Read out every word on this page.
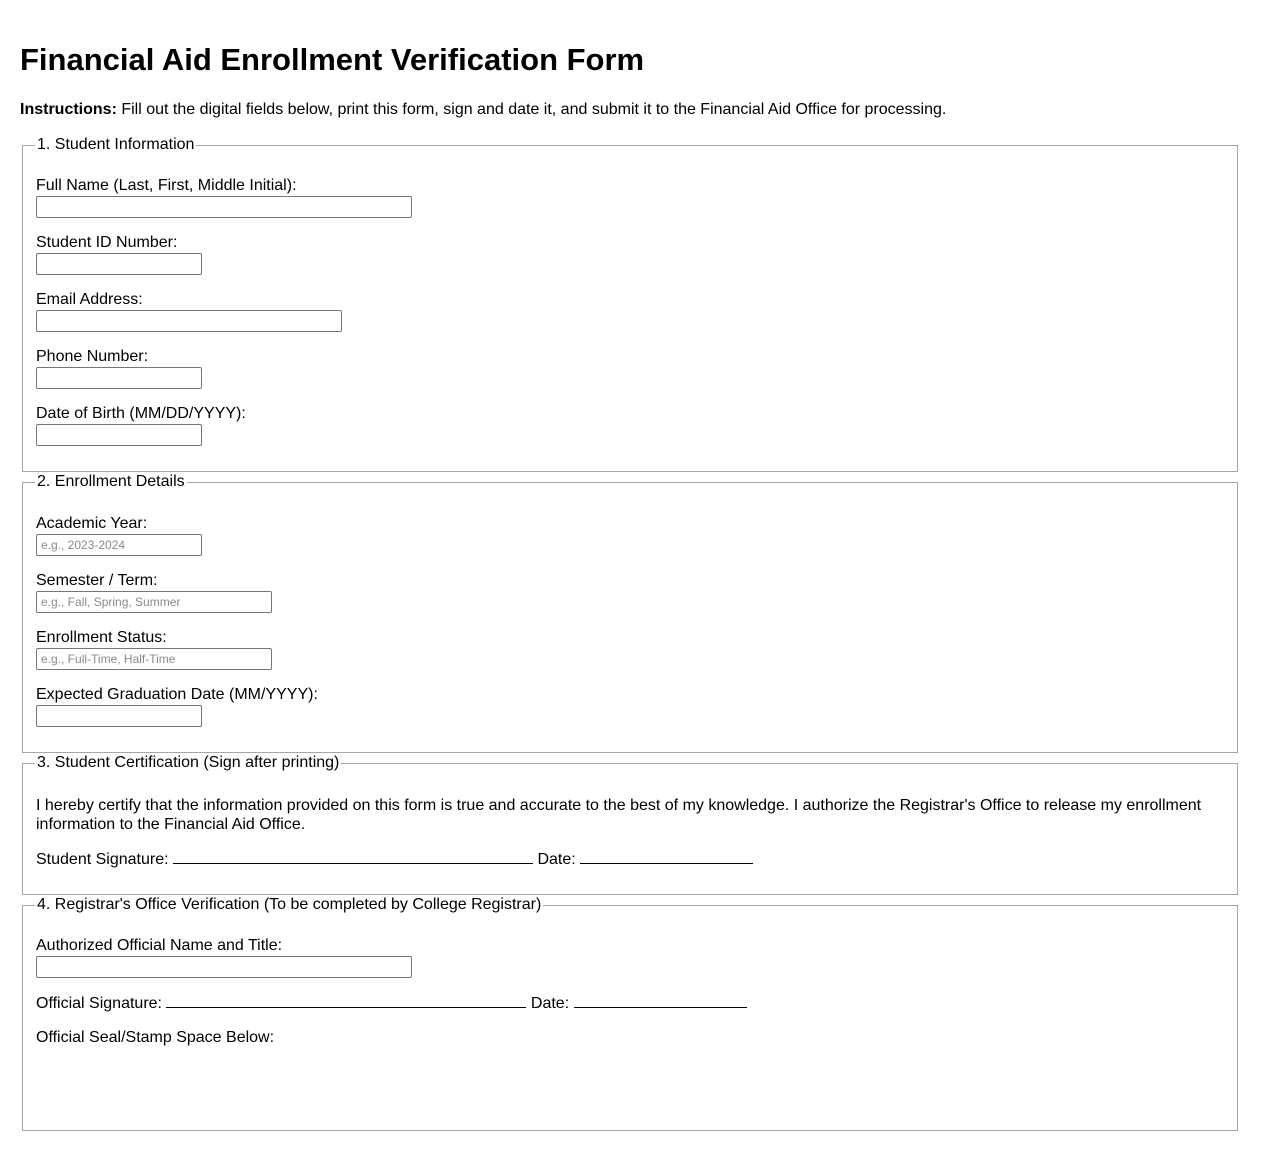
Financial Aid Enrollment Verification Form
Instructions: Fill out the digital fields below, print this form, sign and date it, and submit it to the Financial Aid Office for processing.
1. Student Information
Full Name (Last, First, Middle Initial):
Student ID Number:
Email Address:
Phone Number:
Date of Birth (MM/DD/YYYY):
2. Enrollment Details
Academic Year:
e.g., 2023-2024
Semester / Term:
e.g., Fall, Spring, Summer
Enrollment Status:
e.g., Full-Time, Half-Time
Expected Graduation Date (MM/YYYY):
3. Student Certification (Sign after printing)
I hereby certify that the information provided on this form is true and accurate to the best of my knowledge. I authorize the Registrar's Office to release my enrollment information to the Financial Aid Office.
Student Signature:	Date:
4. Registrar's Office Verification (To be completed by College Registrar)
Authorized Official Name and Title:
Official Signature:	Date:
Official Seal/Stamp Space Below:
